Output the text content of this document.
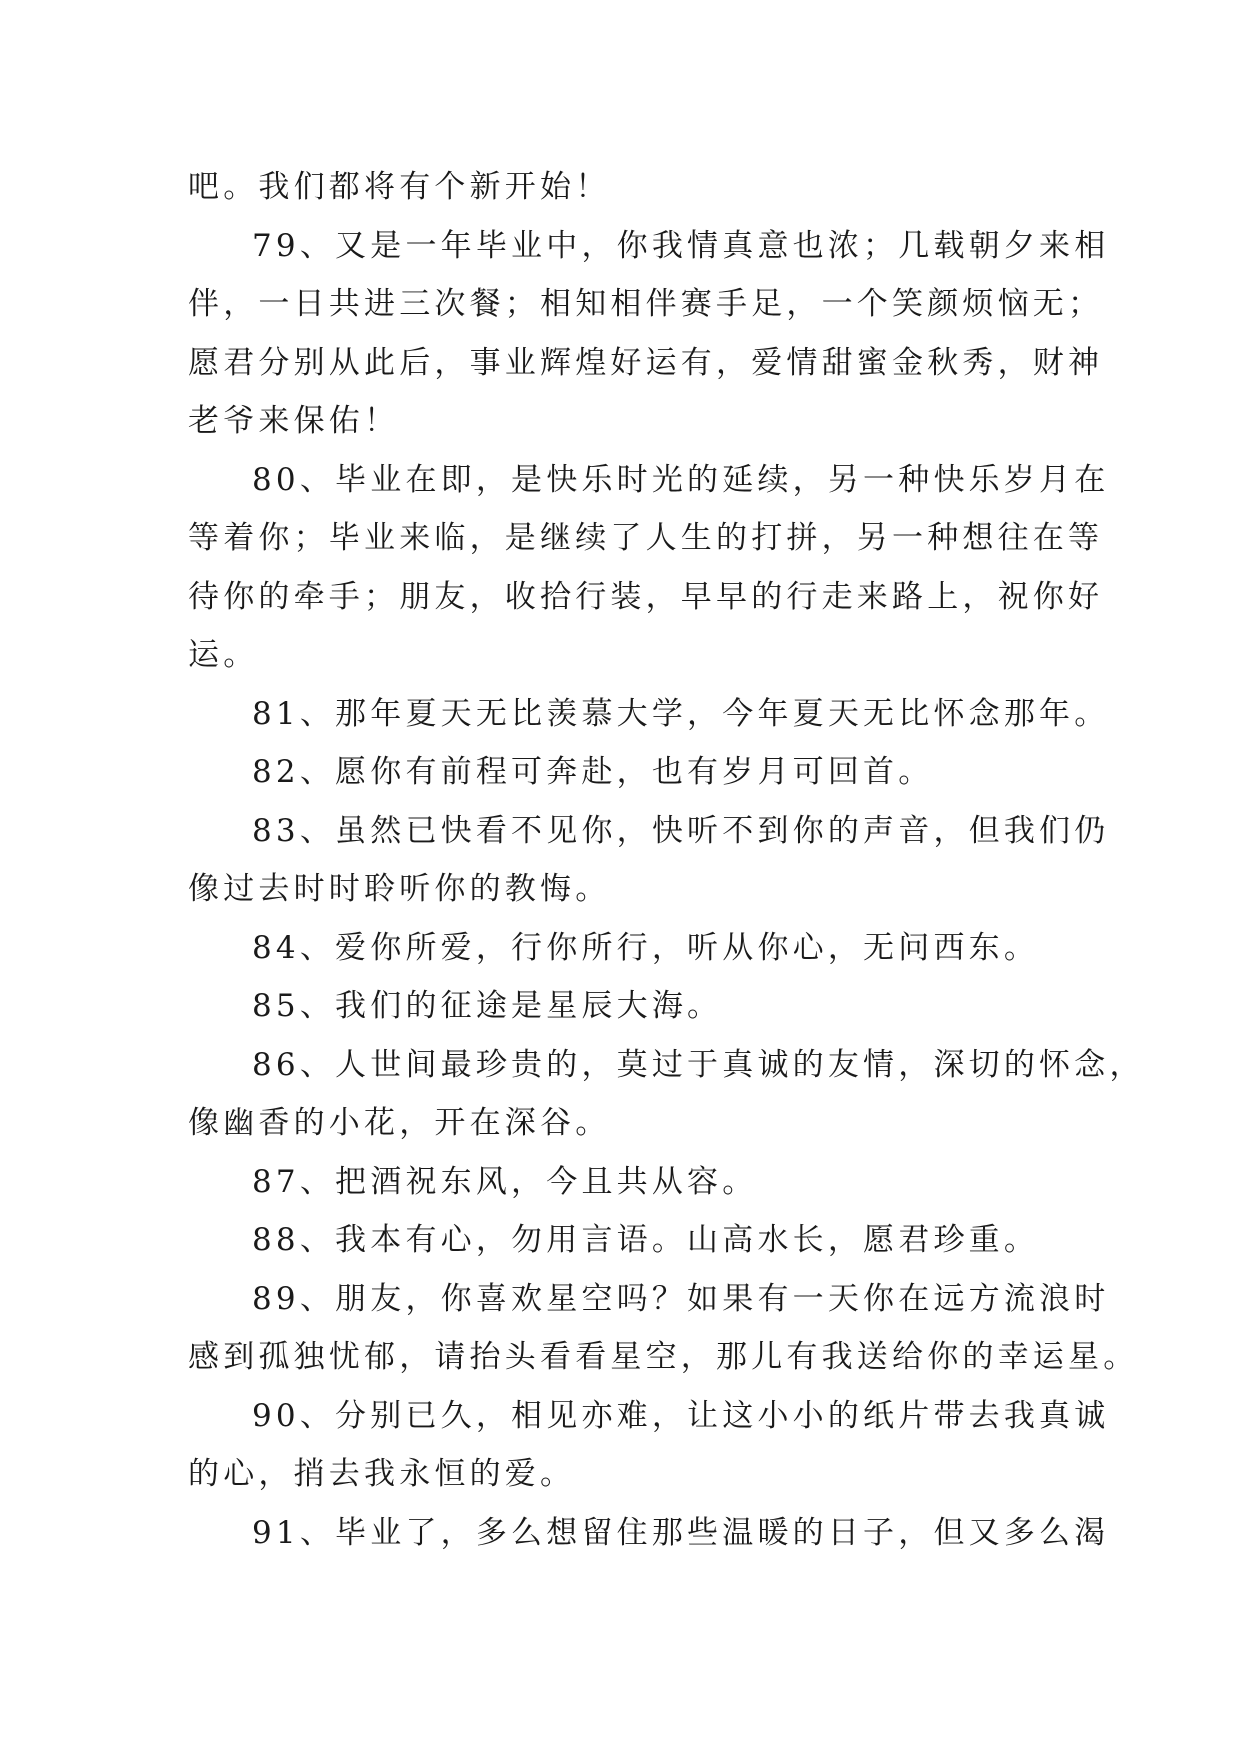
吧。我们都将有个新开始！
79、又是一年毕业中，你我情真意也浓；几载朝夕来相
伴，一日共进三次餐；相知相伴赛手足，一个笑颜烦恼无；
愿君分别从此后，事业辉煌好运有，爱情甜蜜金秋秀，财神
老爷来保佑！
80、毕业在即，是快乐时光的延续，另一种快乐岁月在
等着你；毕业来临，是继续了人生的打拼，另一种想往在等
待你的牵手；朋友，收拾行装，早早的行走来路上，祝你好
运。
81、那年夏天无比羡慕大学，今年夏天无比怀念那年。
82、愿你有前程可奔赴，也有岁月可回首。
83、虽然已快看不见你，快听不到你的声音，但我们仍
像过去时时聆听你的教悔。
84、爱你所爱，行你所行，听从你心，无问西东。
85、我们的征途是星辰大海。
86、人世间最珍贵的，莫过于真诚的友情，深切的怀念，
像幽香的小花，开在深谷。
87、把酒祝东风，今且共从容。
88、我本有心，勿用言语。山高水长，愿君珍重。
89、朋友，你喜欢星空吗？如果有一天你在远方流浪时
感到孤独忧郁，请抬头看看星空，那儿有我送给你的幸运星。
90、分别已久，相见亦难，让这小小的纸片带去我真诚
的心，捎去我永恒的爱。
91、毕业了，多么想留住那些温暖的日子，但又多么渴
